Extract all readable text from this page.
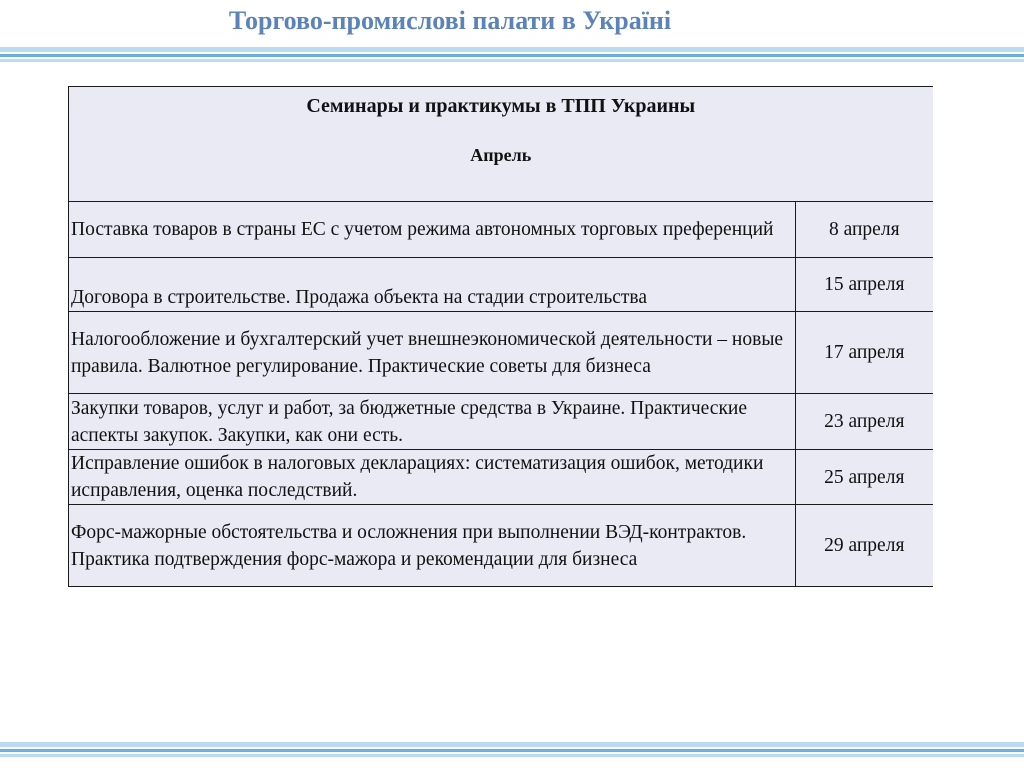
Торгово-промислові палати в Україні
Семинары и практикумы в ТПП Украины
Апрель	

Поставка товаров в страны ЕС с учетом режима автономных торговых преференций	8 апреля
Договора в строительстве. Продажа объекта на стадии строительства	15 апреля
Налогообложение и бухгалтерский учет внешнеэкономической деятельности – новые правила. Валютное регулирование. Практические советы для бизнеса	17 апреля
Закупки товаров, услуг и работ, за бюджетные средства в Украине. Практические аспекты закупок. Закупки, как они есть.	23 апреля
Исправление ошибок в налоговых декларациях: систематизация ошибок, методики исправления, оценка последствий.	25 апреля
Форс-мажорные обстоятельства и осложнения при выполнении ВЭД-контрактов. Практика подтверждения форс-мажора и рекомендации для бизнеса	29 апреля
